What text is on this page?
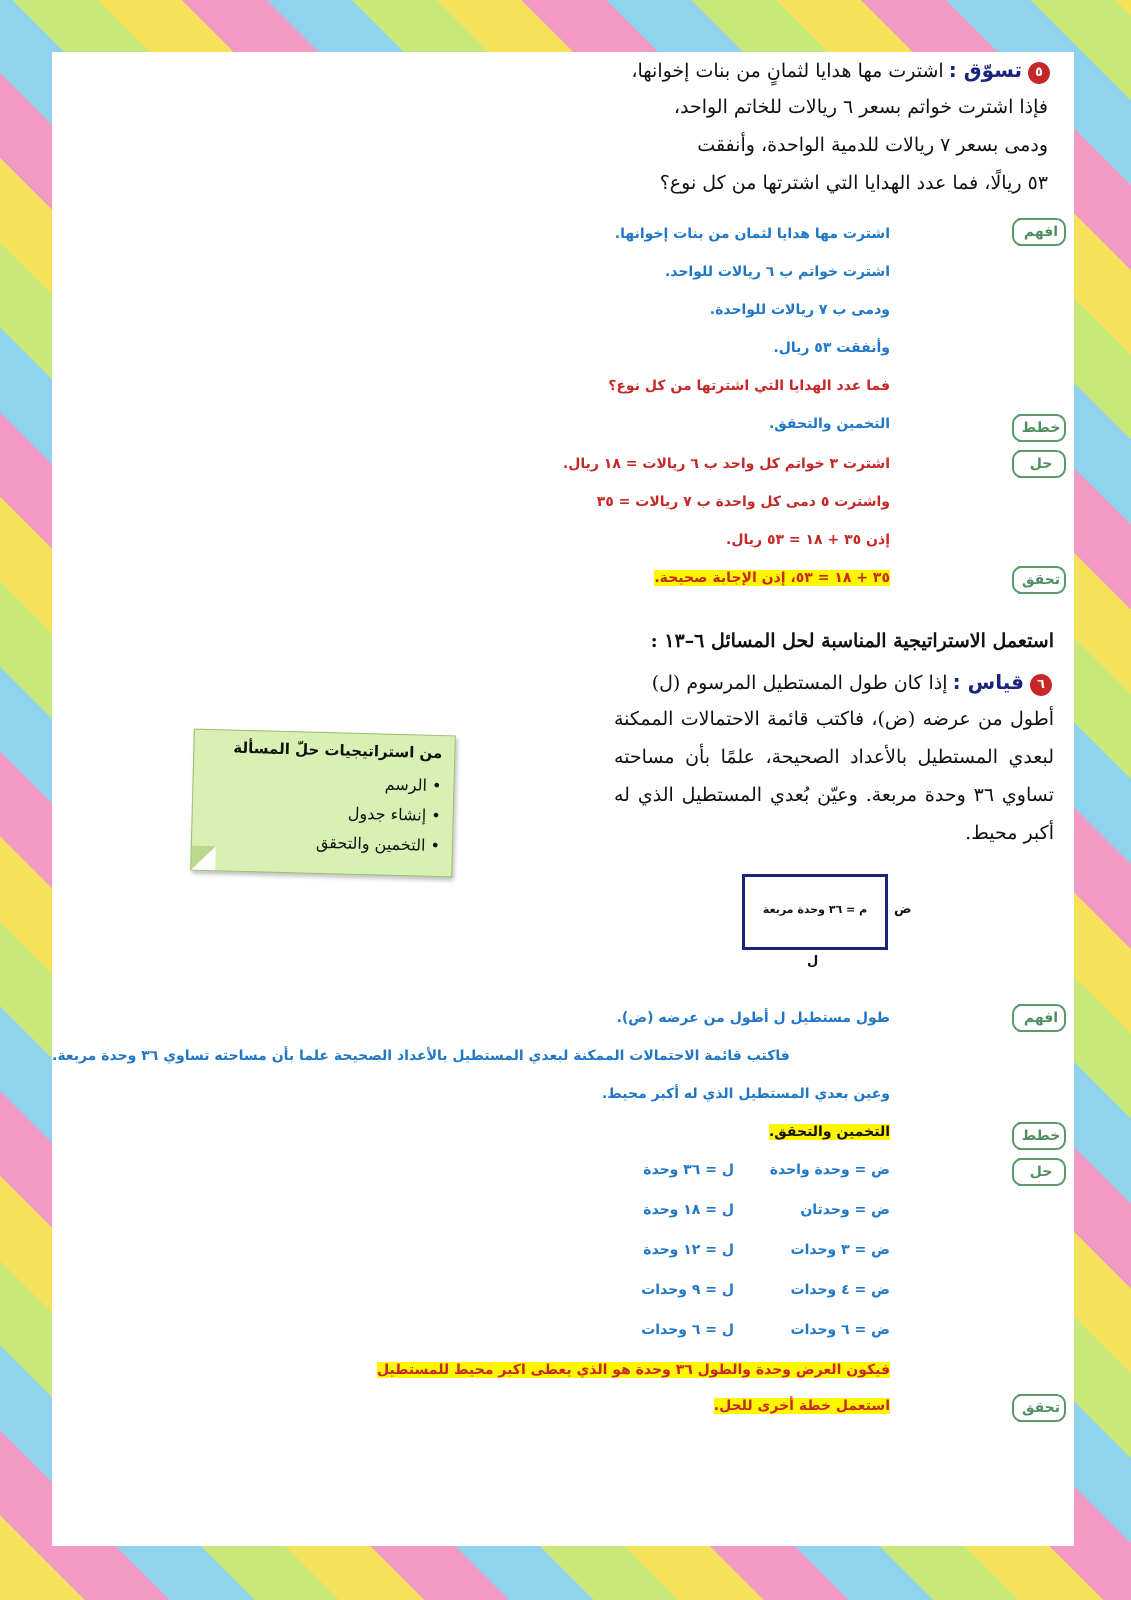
٥تسوّق : اشترت مها هدايا لثمانٍ من بنات إخوانها،
فإذا اشترت خواتم بسعر ٦ ريالات للخاتم الواحد،
ودمى بسعر ٧ ريالات للدمية الواحدة، وأنفقت
٥٣ ريالًا، فما عدد الهدايا التي اشترتها من كل نوع؟
افهم
اشترت مها هدايا لثمان من بنات إخوانها.
اشترت خواتم ب ٦ ريالات للواحد.
ودمى ب ٧ ريالات للواحدة.
وأنفقت ٥٣ ريال.
فما عدد الهدايا التي اشترتها من كل نوع؟
خطط
التخمين والتحقق.
حل
اشترت ٣ خواتم كل واحد ب ٦ ريالات = ١٨ ريال.
واشترت ٥ دمى كل واحدة ب ٧ ريالات = ٣٥
إذن ٣٥ + ١٨ = ٥٣ ريال.
تحقق
٣٥ + ١٨ = ٥٣، إذن الإجابة صحيحة.
استعمل الاستراتيجية المناسبة لحل المسائل ٦–١٣ :
٦قياس : إذا كان طول المستطيل المرسوم (ل)
أطول من عرضه (ض)، فاكتب قائمة الاحتمالات الممكنة لبعدي المستطيل بالأعداد الصحيحة، علمًا بأن مساحته تساوي ٣٦ وحدة مربعة. وعيّن بُعدي المستطيل الذي له أكبر محيط.
من استراتيجيات حلّ المسألة
• الرسم
• إنشاء جدول
• التخمين والتحقق
م = ٣٦ وحدة مربعة	ض
ل
افهم
طول مستطيل ل أطول من عرضه (ض).
فاكتب قائمة الاحتمالات الممكنة لبعدي المستطيل بالأعداد الصحيحة علما بأن مساحته تساوي ٣٦ وحدة مربعة.
وعين بعدي المستطيل الذي له أكبر محيط.
خطط
التخمين والتحقق.
حل
ض = وحدة واحدة
ل = ٣٦ وحدة
ض = وحدتان
ل = ١٨ وحدة
ض = ٣ وحدات
ل = ١٢ وحدة
ض = ٤ وحدات
ل = ٩ وحدات
ض = ٦ وحدات
ل = ٦ وحدات
فيكون العرض وحدة والطول ٣٦ وحدة هو الذي يعطى اكبر محيط للمستطيل
تحقق
استعمل خطة أخرى للحل.
